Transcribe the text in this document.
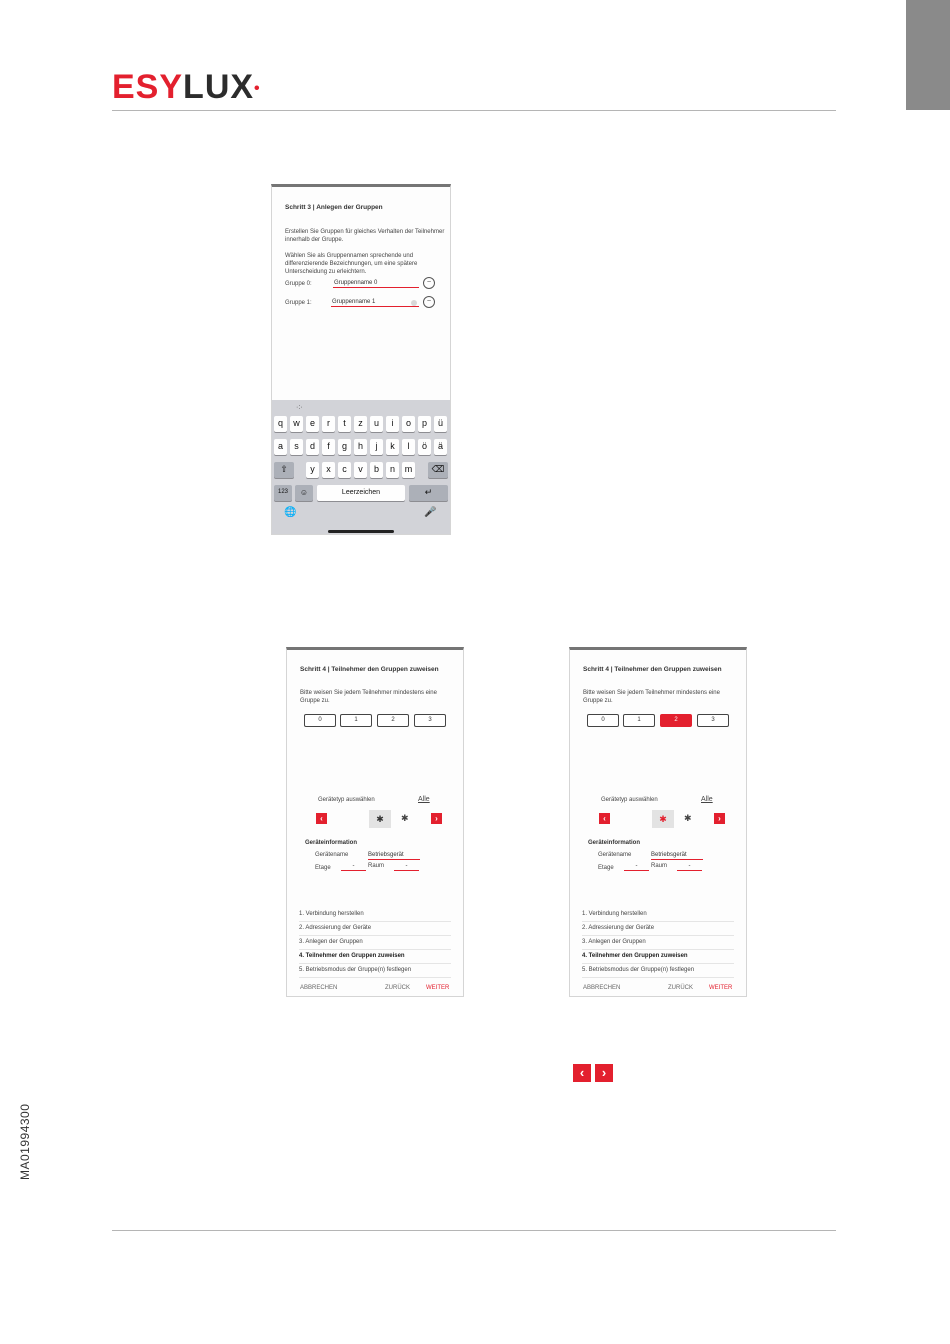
ESYLUX•
Schritt 3 | Anlegen der Gruppen
Erstellen Sie Gruppen für gleiches Verhalten der Teilnehmer innerhalb der Gruppe.
Wählen Sie als Gruppennamen sprechende und differenzierende Bezeichnungen, um eine spätere Unterscheidung zu erleichtern.
Gruppe 0:	Gruppenname 0	~
Gruppe 1:	Gruppenname 1	~
·:·
q	w	e	r	t	z	u	i	o	p	ü
a	s	d	f	g	h	j	k	l	ö	ä
⇧	y	x	c	v	b	n	m	⌫
123	☺	Leerzeichen	↵
🌐	🎤
Schritt 4 | Teilnehmer den Gruppen zuweisen
Bitte weisen Sie jedem Teilnehmer mindestens eine Gruppe zu.
0	1	2	3
Gerätetyp auswählen	Alle
‹	✱	✱	›
Geräteinformation
Gerätename	Betriebsgerät
Etage	-	Raum	-
1. Verbindung herstellen
2. Adressierung der Geräte
3. Anlegen der Gruppen
4. Teilnehmer den Gruppen zuweisen
5. Betriebsmodus der Gruppe(n) festlegen
ABBRECHEN	ZURÜCK	WEITER
Schritt 4 | Teilnehmer den Gruppen zuweisen
Bitte weisen Sie jedem Teilnehmer mindestens eine Gruppe zu.
0	1	2	3
Gerätetyp auswählen	Alle
‹	✱	✱	›
Geräteinformation
Gerätename	Betriebsgerät
Etage	-	Raum	-
1. Verbindung herstellen
2. Adressierung der Geräte
3. Anlegen der Gruppen
4. Teilnehmer den Gruppen zuweisen
5. Betriebsmodus der Gruppe(n) festlegen
ABBRECHEN	ZURÜCK	WEITER
‹	›
MA01994300
